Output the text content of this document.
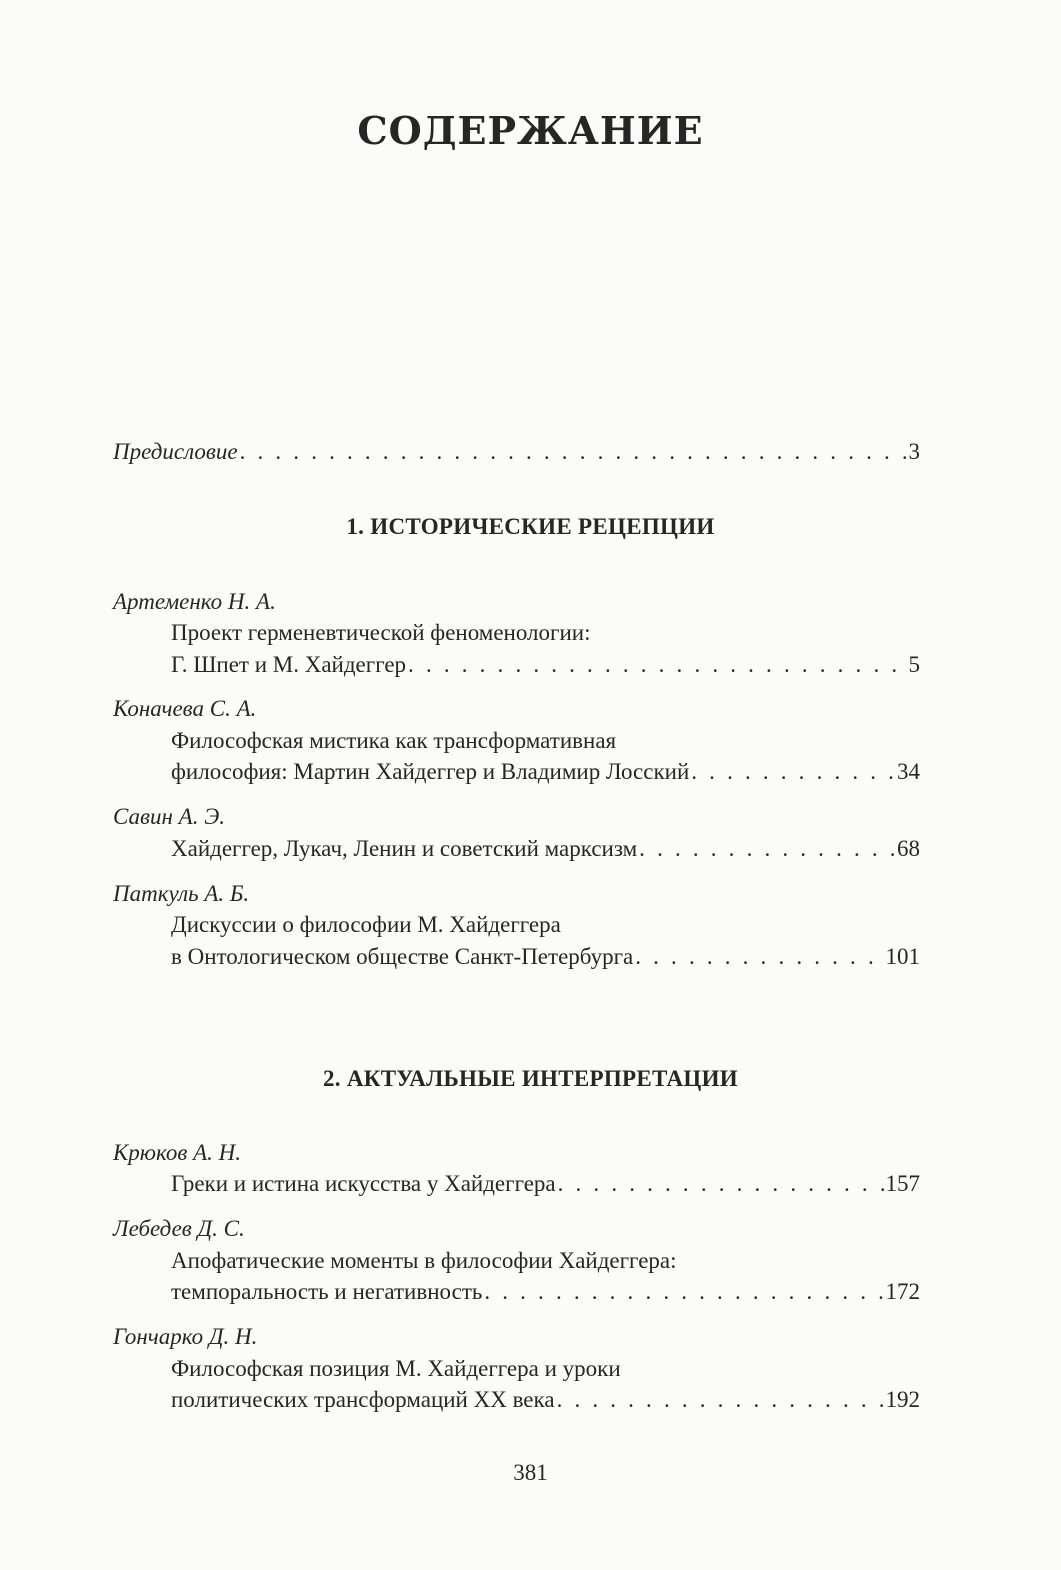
СОДЕРЖАНИЕ
Предисловие . . .	3
1. ИСТОРИЧЕСКИЕ РЕЦЕПЦИИ
Артеменко Н. А.
Проект герменевтической феноменологии:
Г. Шпет и М. Хайдеггер . . .	5
Коначева С. А.
Философская мистика как трансформативная
философия: Мартин Хайдеггер и Владимир Лосский . . .	34
Савин А. Э.
Хайдеггер, Лукач, Ленин и советский марксизм . . .	68
Паткуль А. Б.
Дискуссии о философии М. Хайдеггера
в Онтологическом обществе Санкт-Петербурга . . .	101
2. АКТУАЛЬНЫЕ ИНТЕРПРЕТАЦИИ
Крюков А. Н.
Греки и истина искусства у Хайдеггера . . .	157
Лебедев Д. С.
Апофатические моменты в философии Хайдеггера:
темпоральность и негативность . . .	172
Гончарко Д. Н.
Философская позиция М. Хайдеггера и уроки
политических трансформаций XX века . . .	192
381
